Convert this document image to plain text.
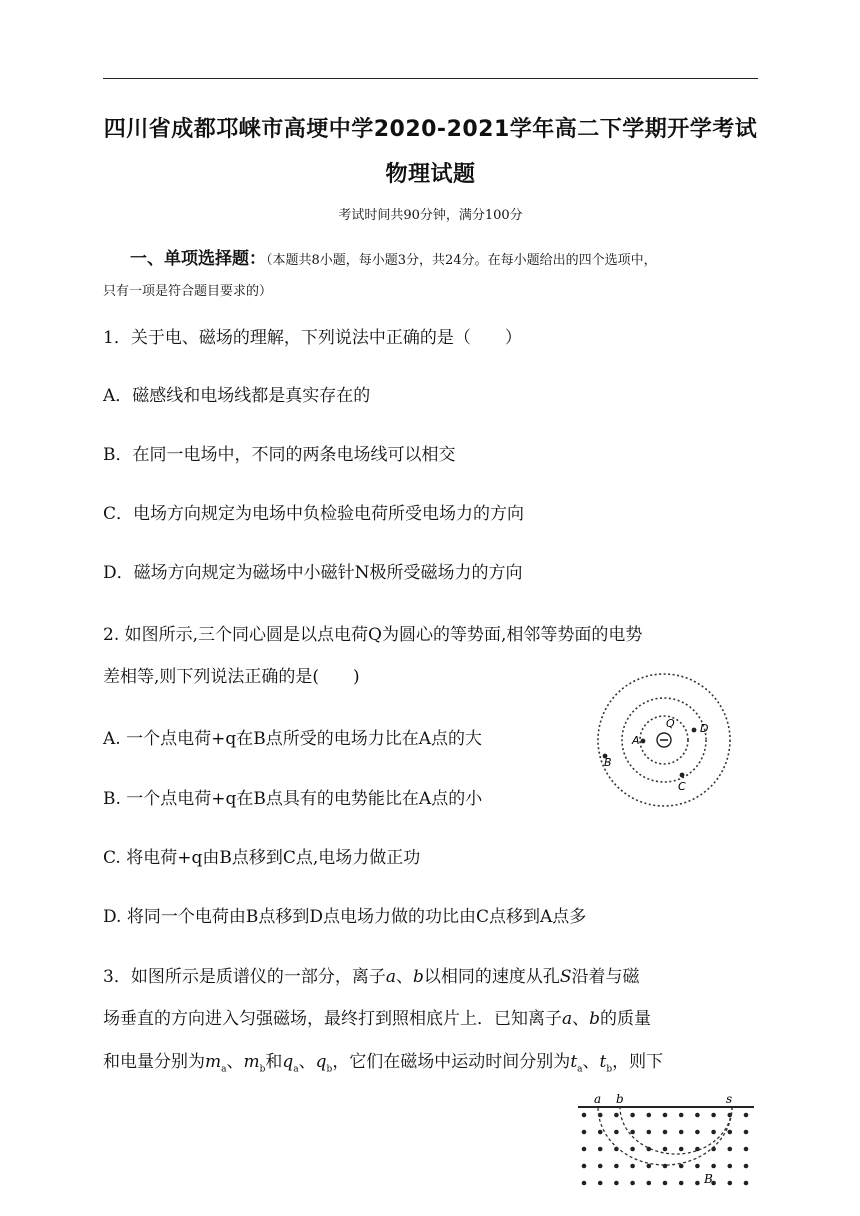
四川省成都邛崃市高埂中学2020-2021学年高二下学期开学考试
物理试题
考试时间共90分钟，满分100分
一、单项选择题：（本题共8小题，每小题3分，共24分。在每小题给出的四个选项中，
只有一项是符合题目要求的）
1．关于电、磁场的理解，下列说法中正确的是（　　）
A．磁感线和电场线都是真实存在的
B．在同一电场中，不同的两条电场线可以相交
C．电场方向规定为电场中负检验电荷所受电场力的方向
D．磁场方向规定为磁场中小磁针N极所受磁场力的方向
2. 如图所示,三个同心圆是以点电荷Q为圆心的等势面,相邻等势面的电势
差相等,则下列说法正确的是(　　)
A. 一个点电荷+q在B点所受的电场力比在A点的大
B. 一个点电荷+q在B点具有的电势能比在A点的小
C. 将电荷+q由B点移到C点,电场力做正功
D. 将同一个电荷由B点移到D点电场力做的功比由C点移到A点多
Q
A
D
C
B
3．如图所示是质谱仪的一部分，离子a、b以相同的速度从孔S沿着与磁
场垂直的方向进入匀强磁场，最终打到照相底片上．已知离子a、b的质量
和电量分别为$m_a$、$m_b$和$q_a$、$q_b$，它们在磁场中运动时间分别为$t_a$、$t_b$，则下
a b	s
B
